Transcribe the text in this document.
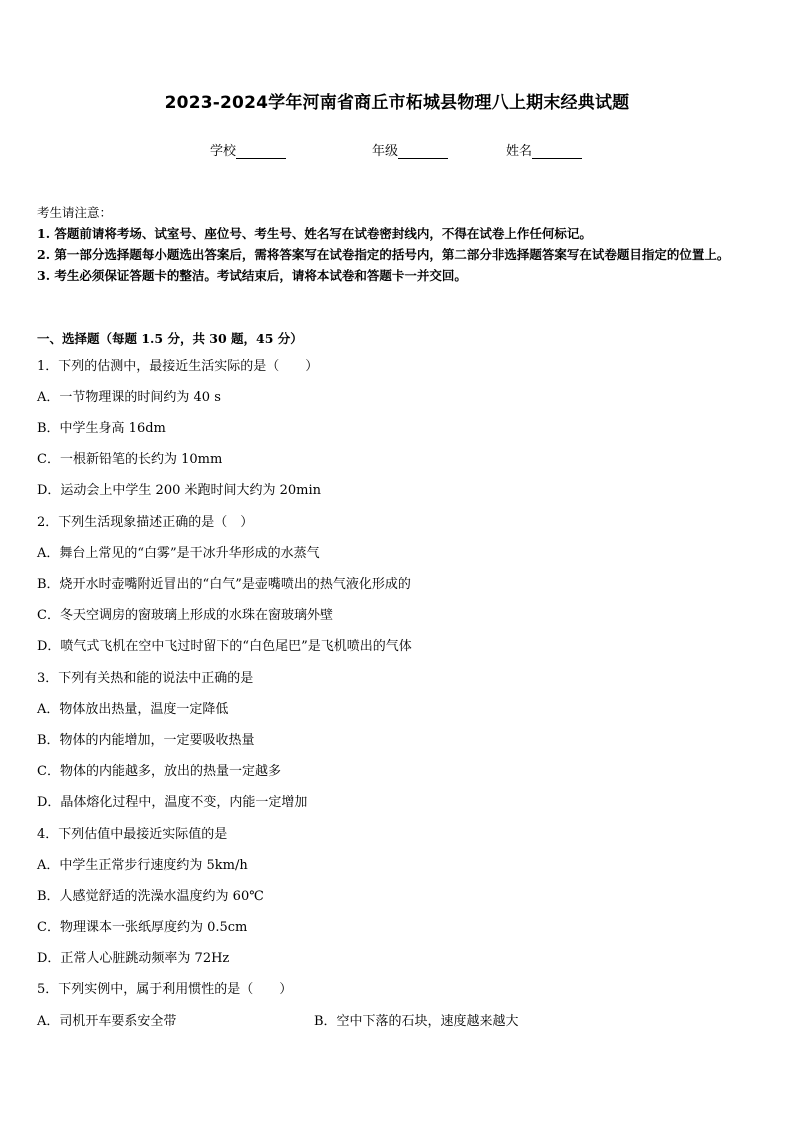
2023-2024学年河南省商丘市柘城县物理八上期末经典试题
学校	年级	姓名
考生请注意：
1. 答题前请将考场、试室号、座位号、考生号、姓名写在试卷密封线内，不得在试卷上作任何标记。
2. 第一部分选择题每小题选出答案后，需将答案写在试卷指定的括号内，第二部分非选择题答案写在试卷题目指定的位置上。
3. 考生必须保证答题卡的整洁。考试结束后，请将本试卷和答题卡一并交回。
一、选择题（每题 1.5 分，共 30 题，45 分）
1．下列的估测中，最接近生活实际的是（　　）
A．一节物理课的时间约为 40 s
B．中学生身高 16dm
C．一根新铅笔的长约为 10mm
D．运动会上中学生 200 米跑时间大约为 20min
2．下列生活现象描述正确的是（　）
A．舞台上常见的“白雾”是干冰升华形成的水蒸气
B．烧开水时壶嘴附近冒出的“白气”是壶嘴喷出的热气液化形成的
C．冬天空调房的窗玻璃上形成的水珠在窗玻璃外壁
D．喷气式飞机在空中飞过时留下的“白色尾巴”是飞机喷出的气体
3．下列有关热和能的说法中正确的是
A．物体放出热量，温度一定降低
B．物体的内能增加，一定要吸收热量
C．物体的内能越多，放出的热量一定越多
D．晶体熔化过程中，温度不变，内能一定增加
4．下列估值中最接近实际值的是
A．中学生正常步行速度约为 5km/h
B．人感觉舒适的洗澡水温度约为 60℃
C．物理课本一张纸厚度约为 0.5cm
D．正常人心脏跳动频率为 72Hz
5．下列实例中，属于利用惯性的是（　　）
A．司机开车要系安全带	B．空中下落的石块，速度越来越大
